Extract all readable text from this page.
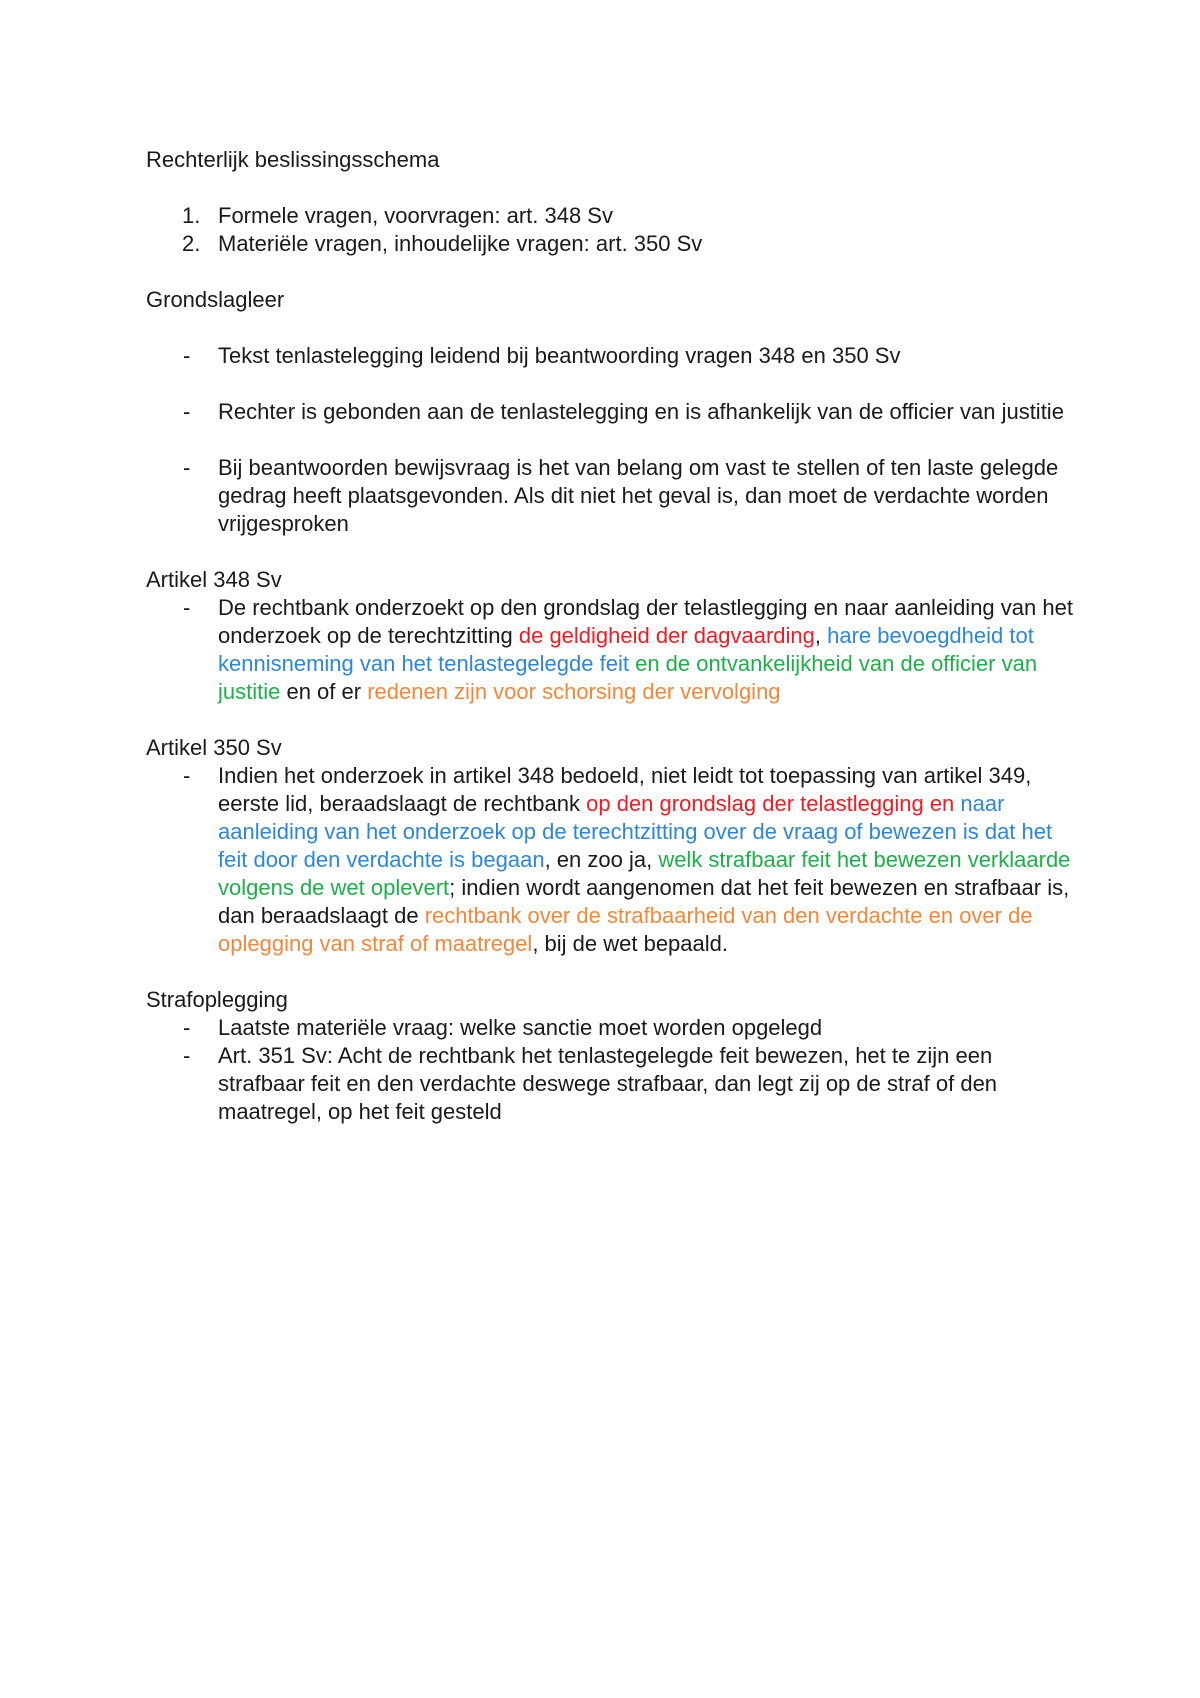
Rechterlijk beslissingsschema

1. Formele vragen, voorvragen: art. 348 Sv
2. Materiële vragen, inhoudelijke vragen: art. 350 Sv

Grondslagleer

- Tekst tenlastelegging leidend bij beantwoording vragen 348 en 350 Sv
- Rechter is gebonden aan de tenlastelegging en is afhankelijk van de officier van justitie
- Bij beantwoorden bewijsvraag is het van belang om vast te stellen of ten laste gelegde gedrag heeft plaatsgevonden. Als dit niet het geval is, dan moet de verdachte worden vrijgesproken

Artikel 348 Sv

- De rechtbank onderzoekt op den grondslag der telastlegging en naar aanleiding van het onderzoek op de terechtzitting de geldigheid der dagvaarding, hare bevoegdheid tot kennisneming van het tenlastegelegde feit en de ontvankelijkheid van de officier van justitie en of er redenen zijn voor schorsing der vervolging

Artikel 350 Sv

- Indien het onderzoek in artikel 348 bedoeld, niet leidt tot toepassing van artikel 349, eerste lid, beraadslaagt de rechtbank op den grondslag der telastlegging en naar aanleiding van het onderzoek op de terechtzitting over de vraag of bewezen is dat het feit door den verdachte is begaan, en zoo ja, welk strafbaar feit het bewezen verklaarde volgens de wet oplevert; indien wordt aangenomen dat het feit bewezen en strafbaar is, dan beraadslaagt de rechtbank over de strafbaarheid van den verdachte en over de oplegging van straf of maatregel, bij de wet bepaald.

Strafoplegging

- Laatste materiële vraag: welke sanctie moet worden opgelegd
- Art. 351 Sv: Acht de rechtbank het tenlastegelegde feit bewezen, het te zijn een strafbaar feit en den verdachte deswege strafbaar, dan legt zij op de straf of den maatregel, op het feit gesteld
